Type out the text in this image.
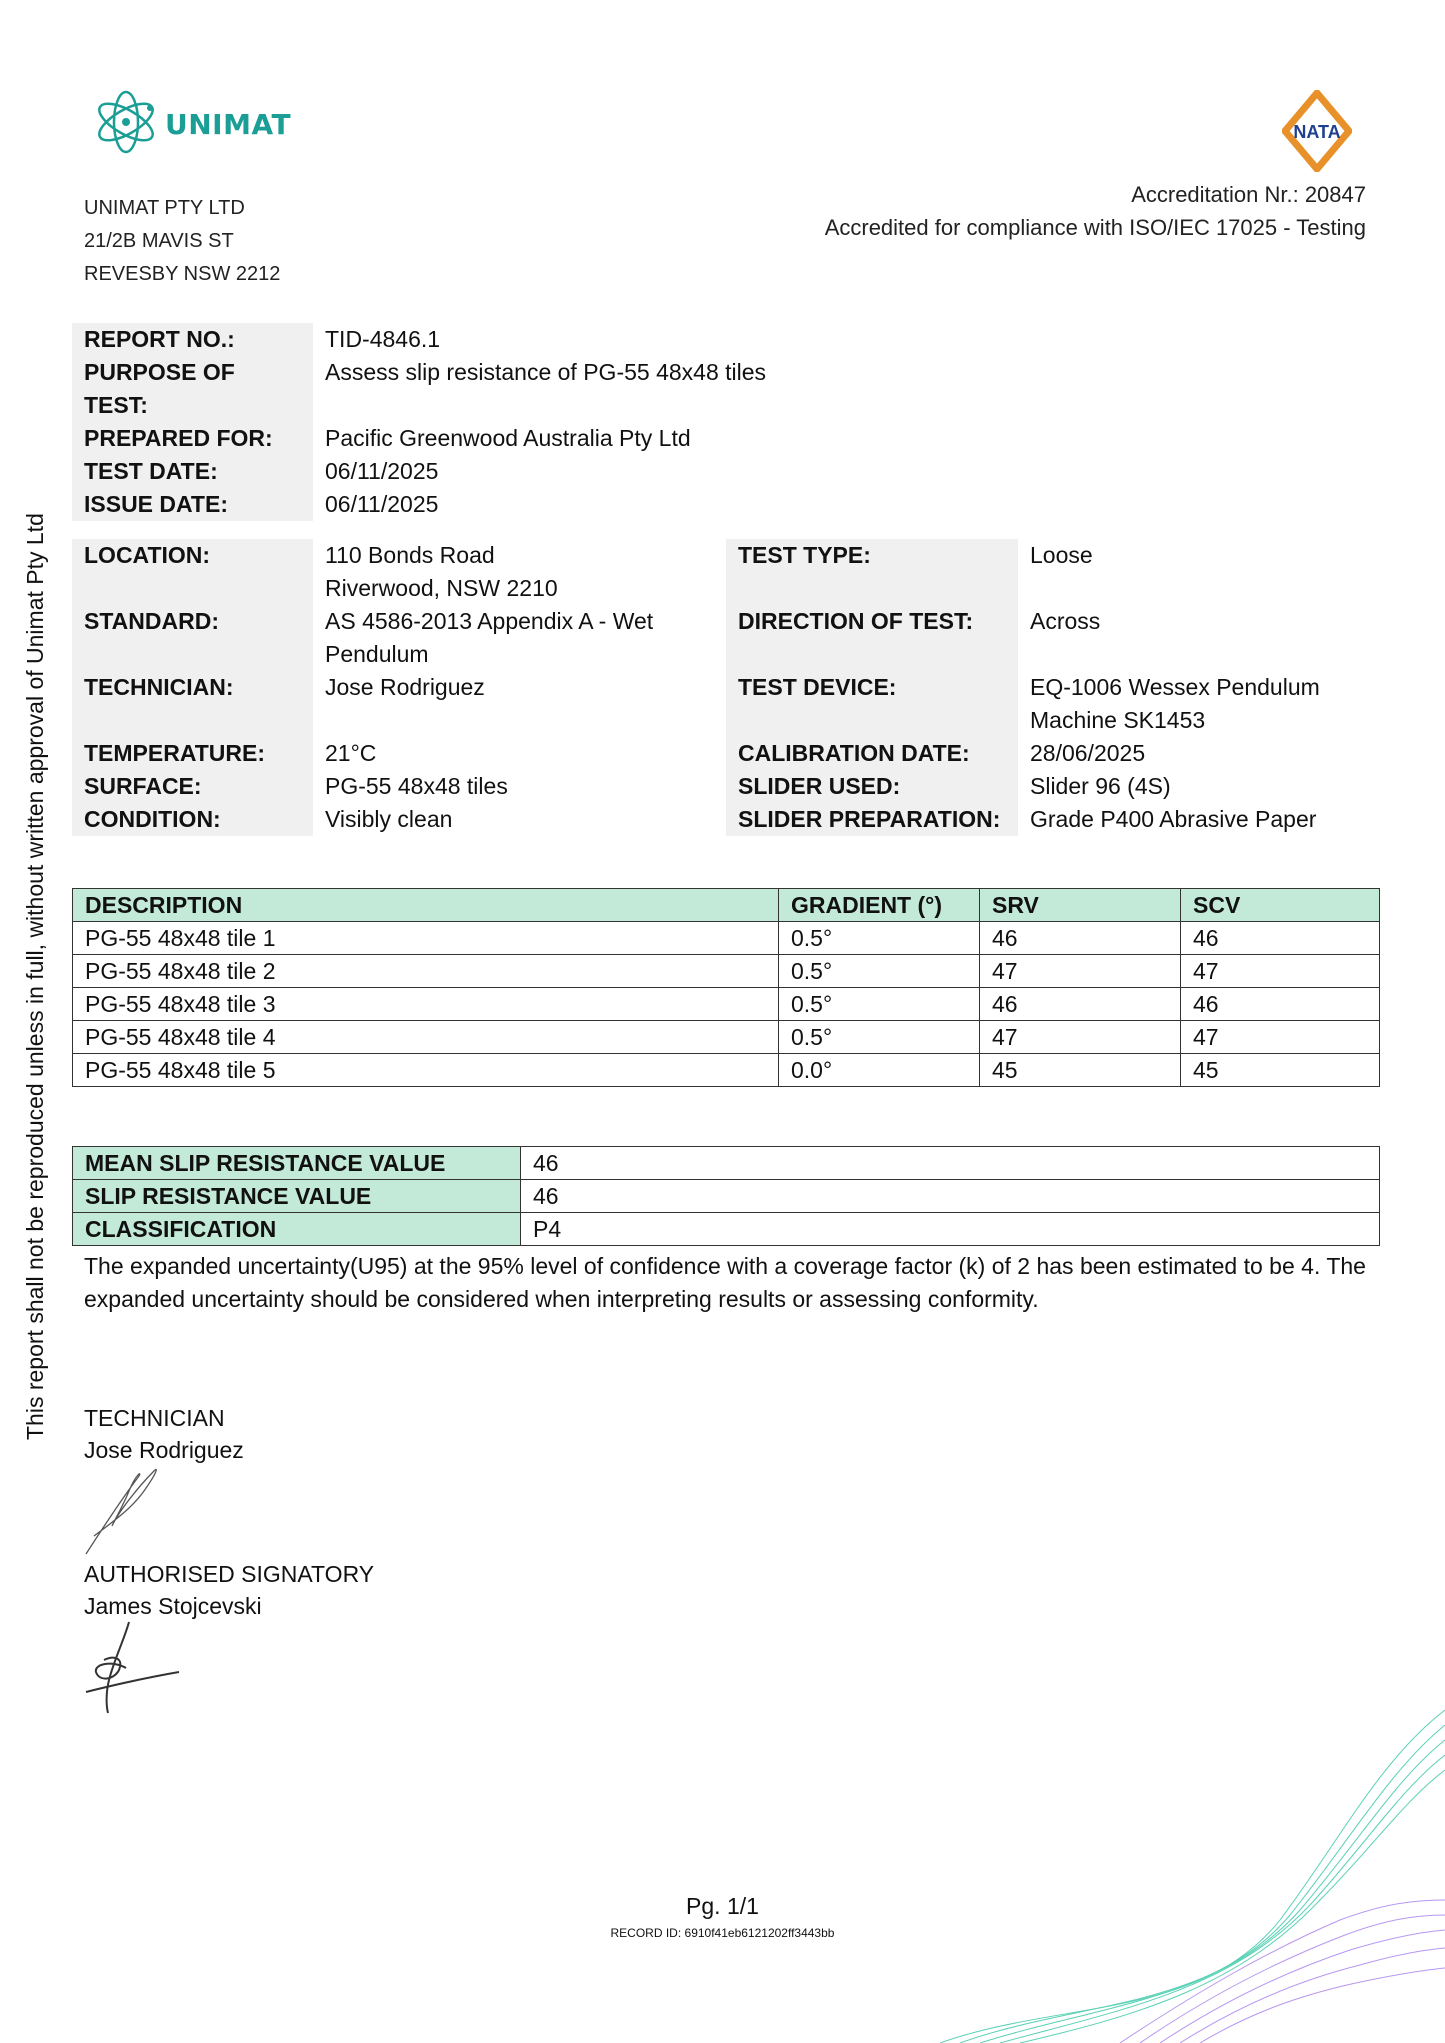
UNIMAT	NATA
UNIMAT PTY LTD
21/2B MAVIS ST
REVESBY NSW 2212
Accreditation Nr.: 20847
Accredited for compliance with ISO/IEC 17025 - Testing
This report shall not be reproduced unless in full, without written approval of Unimat Pty Ltd
REPORT NO.:	TID-4846.1
PURPOSE OF TEST:	Assess slip resistance of PG-55 48x48 tiles
PREPARED FOR:	Pacific Greenwood Australia Pty Ltd
TEST DATE:	06/11/2025
ISSUE DATE:	06/11/2025
LOCATION:	110 Bonds Road
Riverwood, NSW 2210

STANDARD:	AS 4586-2013 Appendix A - Wet
Pendulum

TECHNICIAN:	Jose Rodriguez
TEMPERATURE:	21°C
SURFACE:	PG-55 48x48 tiles
CONDITION:	Visibly clean
TEST TYPE:	Loose
DIRECTION OF TEST:	Across
TEST DEVICE:	EQ-1006 Wessex Pendulum
Machine SK1453

CALIBRATION DATE:	28/06/2025
SLIDER USED:	Slider 96 (4S)
SLIDER PREPARATION:	Grade P400 Abrasive Paper
DESCRIPTION	GRADIENT (°)	SRV	SCV
PG-55 48x48 tile 1	0.5°	46	46
PG-55 48x48 tile 2	0.5°	47	47
PG-55 48x48 tile 3	0.5°	46	46
PG-55 48x48 tile 4	0.5°	47	47
PG-55 48x48 tile 5	0.0°	45	45
MEAN SLIP RESISTANCE VALUE	46
SLIP RESISTANCE VALUE	46
CLASSIFICATION	P4
The expanded uncertainty(U95) at the 95% level of confidence with a coverage factor (k) of 2 has been estimated to be 4. The expanded uncertainty should be considered when interpreting results or assessing conformity.
TECHNICIAN
Jose Rodriguez
AUTHORISED SIGNATORY
James Stojcevski
Pg. 1/1
RECORD ID: 6910f41eb6121202ff3443bb
